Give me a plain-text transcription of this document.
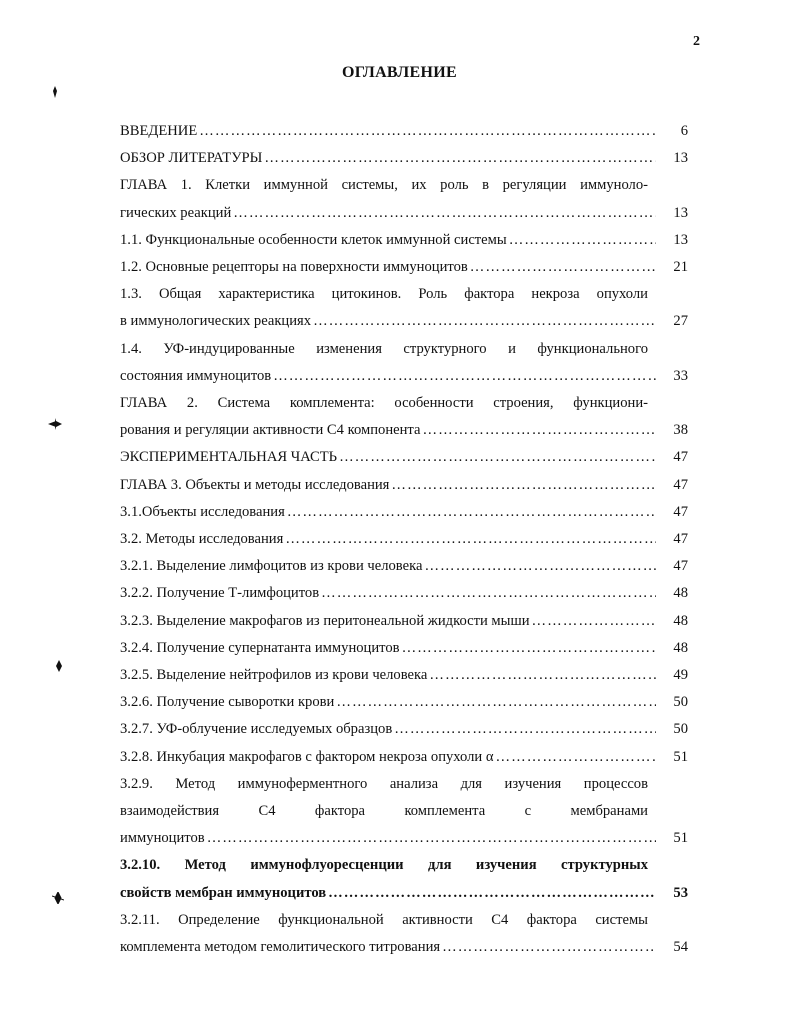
2
ОГЛАВЛЕНИЕ
ВВЕДЕНИЕ ………………………………………………………………………………………………………………………………………	6
ОБЗОР ЛИТЕРАТУРЫ ………………………………………………………………………………………………………………………………………	13
ГЛАВА 1. Клетки иммунной системы, их роль в регуляции иммуноло-
гических реакций ………………………………………………………………………………………………………………………………………	13
1.1. Функциональные особенности клеток иммунной системы ………………………………………………………………………………………………………………………………………	13
1.2. Основные рецепторы на поверхности иммуноцитов ………………………………………………………………………………………………………………………………………	21
1.3. Общая характеристика цитокинов. Роль фактора некроза опухоли
в иммунологических реакциях ………………………………………………………………………………………………………………………………………	27
1.4. УФ-индуцированные изменения структурного и функционального
состояния иммуноцитов ………………………………………………………………………………………………………………………………………	33
ГЛАВА 2. Система комплемента: особенности строения, функциони-
рования и регуляции активности С4 компонента ………………………………………………………………………………………………………………………………………	38
ЭКСПЕРИМЕНТАЛЬНАЯ ЧАСТЬ ………………………………………………………………………………………………………………………………………	47
ГЛАВА 3. Объекты и методы исследования ………………………………………………………………………………………………………………………………………	47
3.1.Объекты исследования ………………………………………………………………………………………………………………………………………	47
3.2. Методы исследования ………………………………………………………………………………………………………………………………………	47
3.2.1. Выделение лимфоцитов из крови человека ………………………………………………………………………………………………………………………………………	47
3.2.2. Получение Т-лимфоцитов ………………………………………………………………………………………………………………………………………	48
3.2.3. Выделение макрофагов из перитонеальной жидкости мыши ………………………………………………………………………………………………………………………………………	48
3.2.4. Получение супернатанта иммуноцитов ………………………………………………………………………………………………………………………………………	48
3.2.5. Выделение нейтрофилов из крови человека ………………………………………………………………………………………………………………………………………	49
3.2.6. Получение сыворотки крови ………………………………………………………………………………………………………………………………………	50
3.2.7. УФ-облучение исследуемых образцов ………………………………………………………………………………………………………………………………………	50
3.2.8. Инкубация макрофагов с фактором некроза опухоли α ………………………………………………………………………………………………………………………………………	51
3.2.9. Метод иммуноферментного анализа для изучения процессов
взаимодействия С4 фактора комплемента с мембранами
иммуноцитов ………………………………………………………………………………………………………………………………………	51
3.2.10. Метод иммунофлуоресценции для изучения структурных
свойств мембран иммуноцитов ………………………………………………………………………………………………………………………………………	53
3.2.11. Определение функциональной активности С4 фактора системы
комплемента методом гемолитического титрования ………………………………………………………………………………………………………………………………………	54
